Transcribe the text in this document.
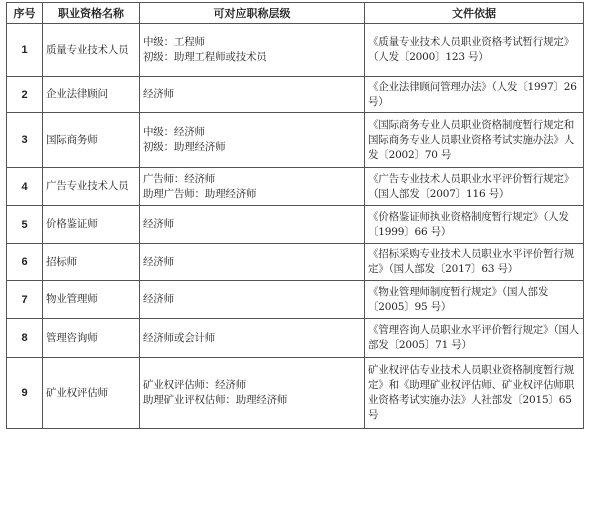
序号	职业资格名称	可对应职称层级	文件依据
1	质量专业技术人员	中级：工程师
初级：助理工程师或技术员	《质量专业技术人员职业资格考试暂行规定》（人发〔2000〕123 号）
2	企业法律顾问	经济师	《企业法律顾问管理办法》（人发〔1997〕26 号）
3	国际商务师	中级：经济师
初级：助理经济师	《国际商务专业人员职业资格制度暂行规定和国际商务专业人员职业资格考试实施办法》人发〔2002〕70 号
4	广告专业技术人员	广告师：经济师
助理广告师：助理经济师	《广告专业技术人员职业水平评价暂行规定》（国人部发〔2007〕116 号）
5	价格鉴证师	经济师	《价格鉴证师执业资格制度暂行规定》（人发〔1999〕66 号）
6	招标师	经济师	《招标采购专业技术人员职业水平评价暂行规定》（国人部发〔2017〕63 号）
7	物业管理师	经济师	《物业管理师制度暂行规定》（国人部发〔2005〕95 号）
8	管理咨询师	经济师或会计师	《管理咨询人员职业水平评价暂行规定》（国人部发〔2005〕71 号）
9	矿业权评估师	矿业权评估师：经济师
助理矿业评权估师：助理经济师	矿业权评估专业技术人员职业资格制度暂行规定》和《助理矿业权评估师、矿业权评估师职业资格考试实施办法》人社部发〔2015〕65 号
